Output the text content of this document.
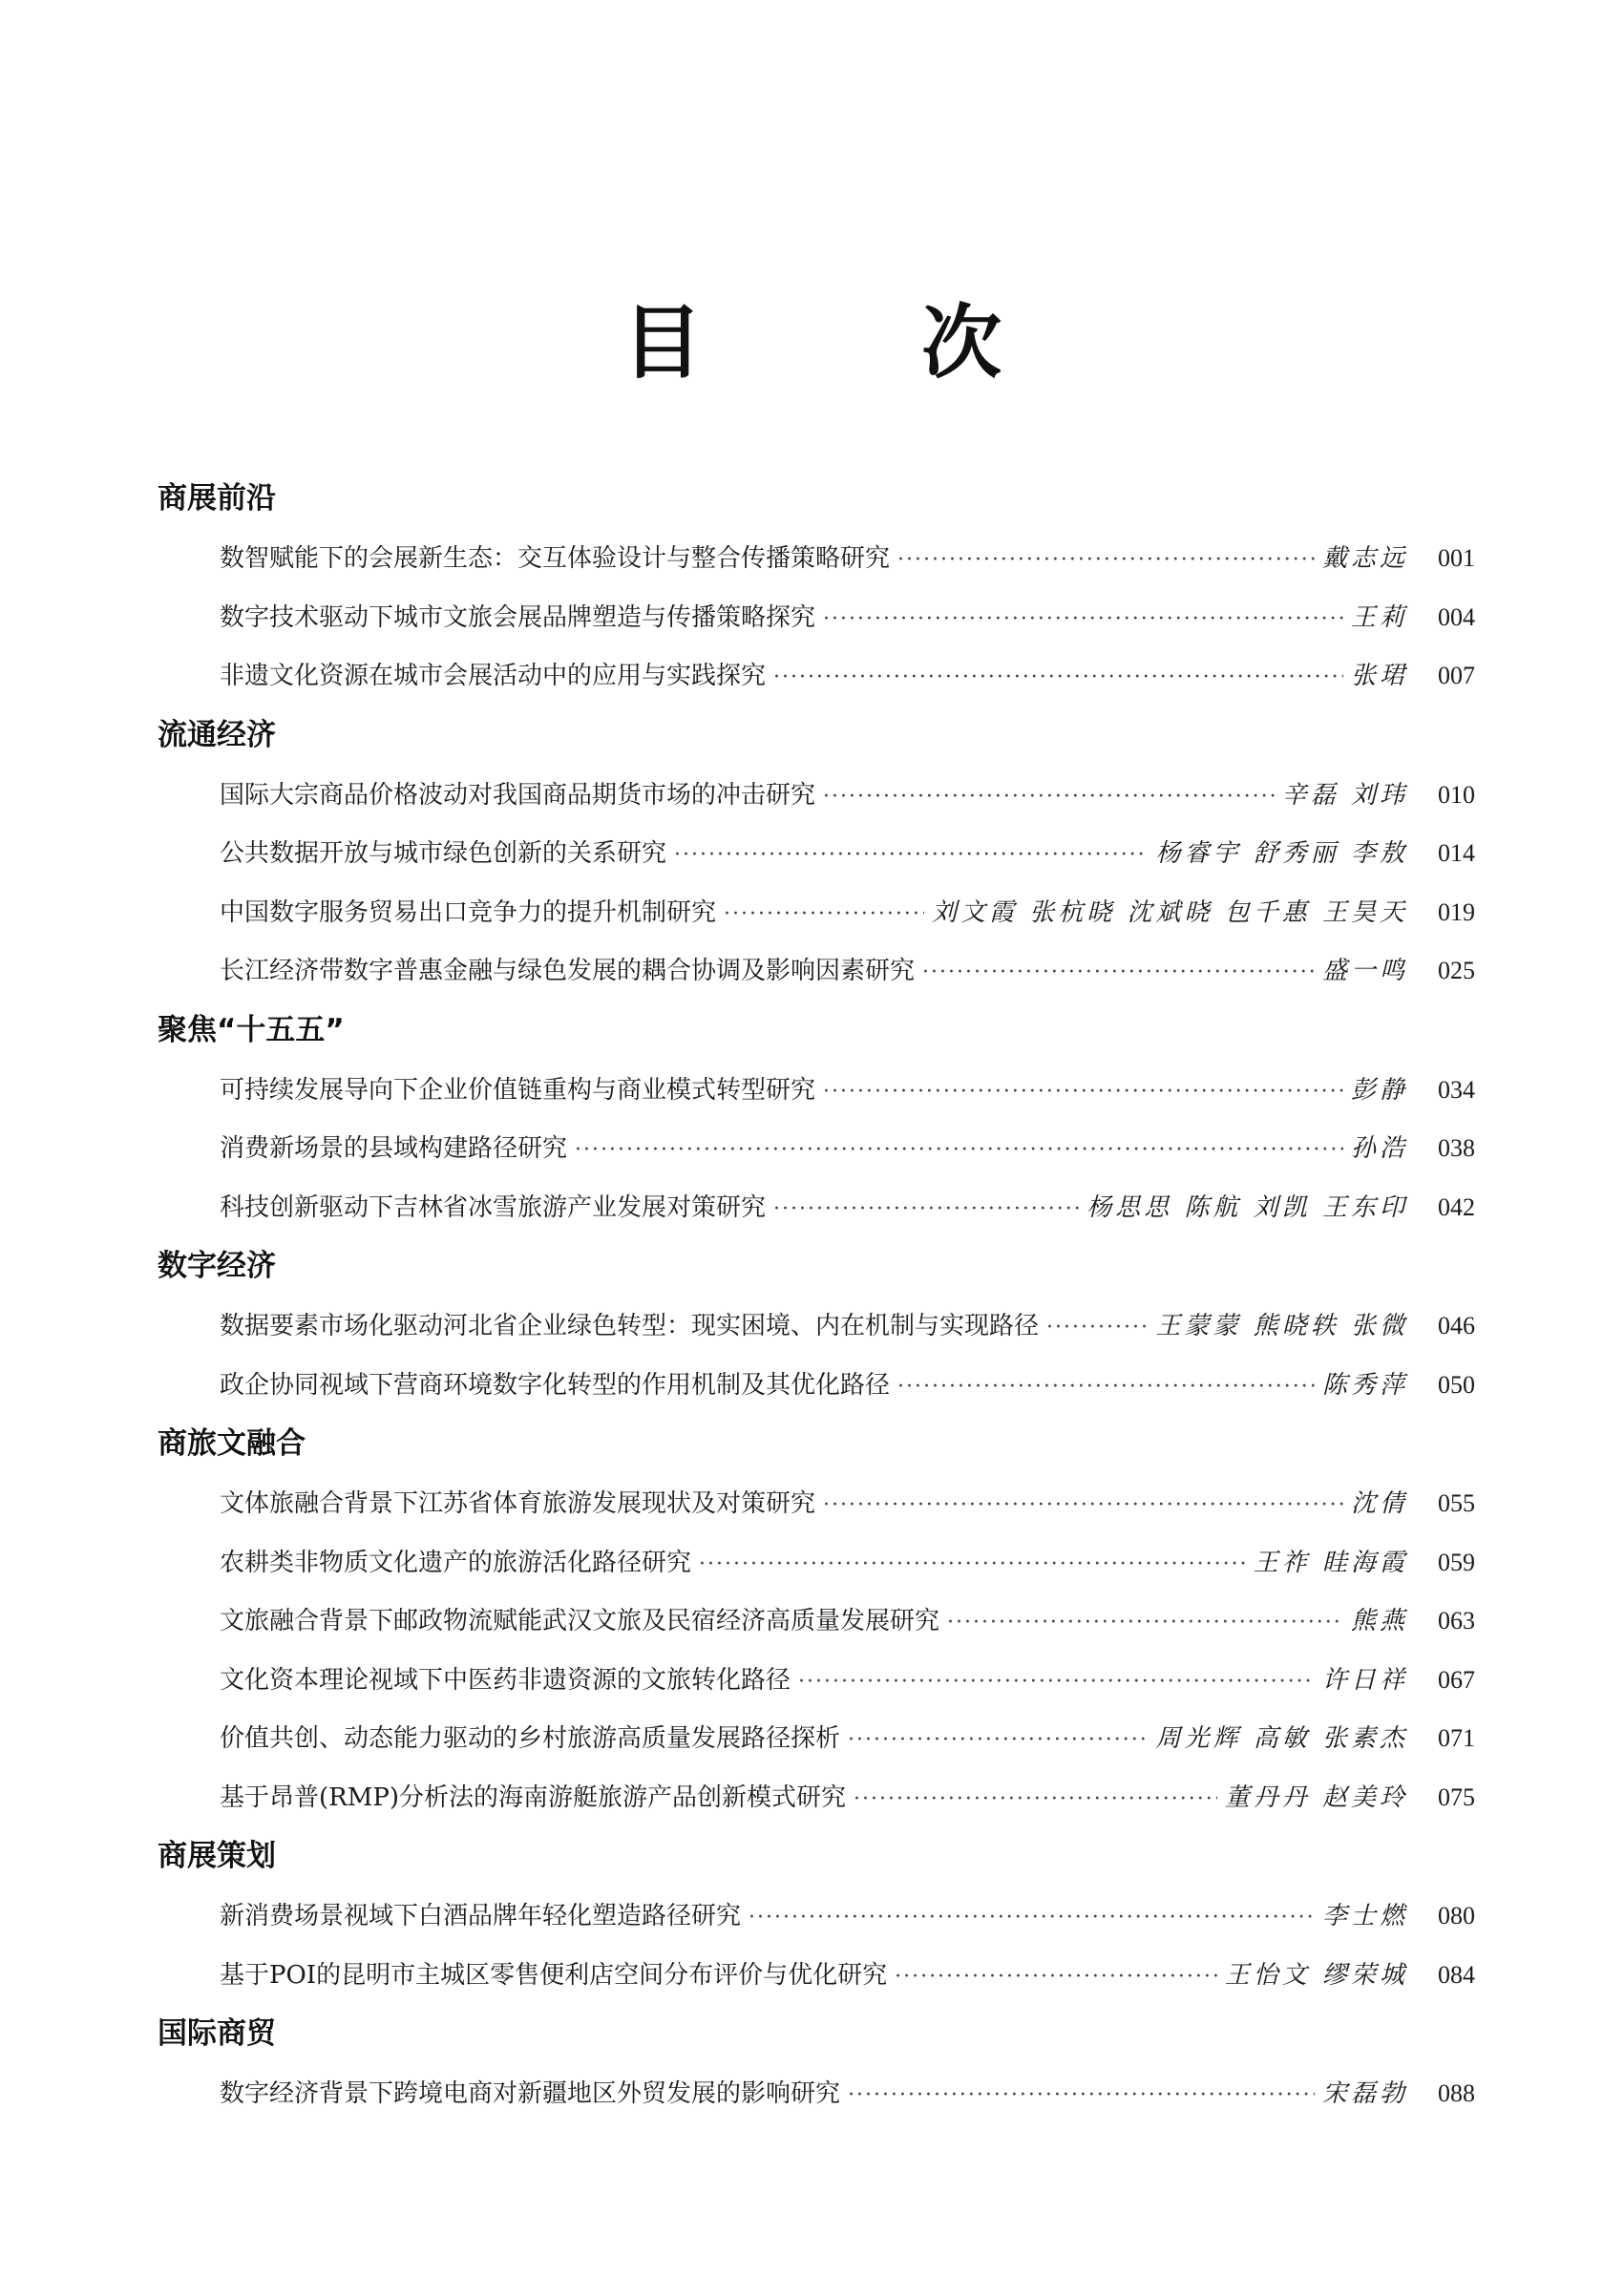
目 次
商展前沿
数智赋能下的会展新生态：交互体验设计与整合传播策略研究 ·····	戴志远	001
数字技术驱动下城市文旅会展品牌塑造与传播策略探究 ·····	王莉	004
非遗文化资源在城市会展活动中的应用与实践探究 ·····	张珺	007
流通经济
国际大宗商品价格波动对我国商品期货市场的冲击研究 ·····	辛磊 刘玮	010
公共数据开放与城市绿色创新的关系研究 ·····	杨睿宇 舒秀丽 李敖	014
中国数字服务贸易出口竞争力的提升机制研究 ·····	刘文霞 张杭晓 沈斌晓 包千惠 王昊天	019
长江经济带数字普惠金融与绿色发展的耦合协调及影响因素研究 ·····	盛一鸣	025
聚焦“十五五”
可持续发展导向下企业价值链重构与商业模式转型研究 ·····	彭静	034
消费新场景的县域构建路径研究 ·····	孙浩	038
科技创新驱动下吉林省冰雪旅游产业发展对策研究 ·····	杨思思 陈航 刘凯 王东印	042
数字经济
数据要素市场化驱动河北省企业绿色转型：现实困境、内在机制与实现路径 ·····	王蒙蒙 熊晓轶 张微	046
政企协同视域下营商环境数字化转型的作用机制及其优化路径 ·····	陈秀萍	050
商旅文融合
文体旅融合背景下江苏省体育旅游发展现状及对策研究 ·····	沈倩	055
农耕类非物质文化遗产的旅游活化路径研究 ·····	王祚 眭海霞	059
文旅融合背景下邮政物流赋能武汉文旅及民宿经济高质量发展研究 ·····	熊燕	063
文化资本理论视域下中医药非遗资源的文旅转化路径 ·····	许日祥	067
价值共创、动态能力驱动的乡村旅游高质量发展路径探析 ·····	周光辉 高敏 张素杰	071
基于昂普(RMP)分析法的海南游艇旅游产品创新模式研究 ·····	董丹丹 赵美玲	075
商展策划
新消费场景视域下白酒品牌年轻化塑造路径研究 ·····	李士燃	080
基于POI的昆明市主城区零售便利店空间分布评价与优化研究 ·····	王怡文 缪荣城	084
国际商贸
数字经济背景下跨境电商对新疆地区外贸发展的影响研究 ·····	宋磊勃	088
